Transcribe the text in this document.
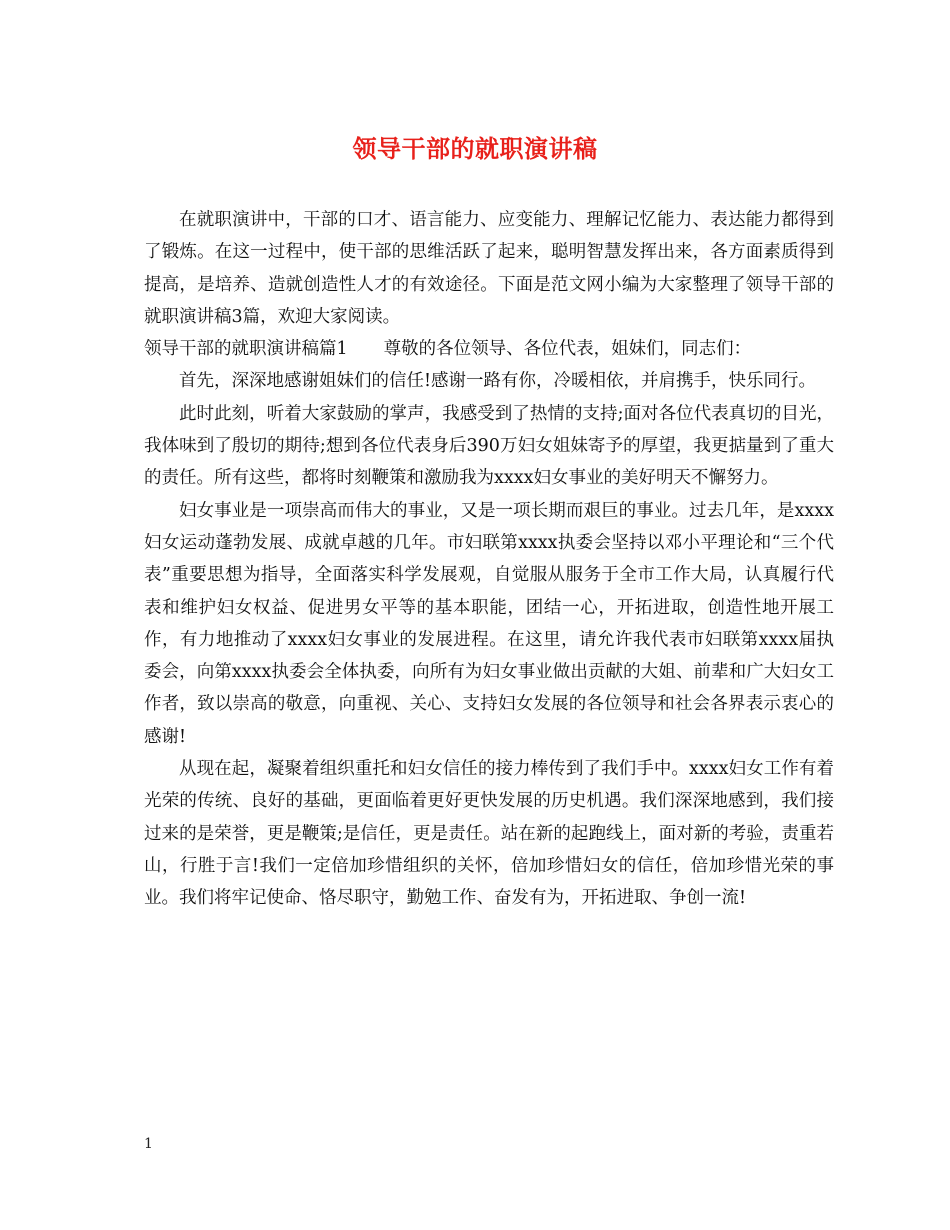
领导干部的就职演讲稿

在就职演讲中，干部的口才、语言能力、应变能力、理解记忆能力、表达能力都得到了锻炼。在这一过程中，使干部的思维活跃了起来，聪明智慧发挥出来，各方面素质得到提高，是培养、造就创造性人才的有效途径。下面是范文网小编为大家整理了领导干部的就职演讲稿3篇，欢迎大家阅读。

领导干部的就职演讲稿篇1 尊敬的各位领导、各位代表，姐妹们，同志们：

首先，深深地感谢姐妹们的信任!感谢一路有你，冷暖相依，并肩携手，快乐同行。

此时此刻，听着大家鼓励的掌声，我感受到了热情的支持;面对各位代表真切的目光，我体味到了殷切的期待;想到各位代表身后390万妇女姐妹寄予的厚望，我更掂量到了重大的责任。所有这些，都将时刻鞭策和激励我为xxxx妇女事业的美好明天不懈努力。

妇女事业是一项崇高而伟大的事业，又是一项长期而艰巨的事业。过去几年，是xxxx妇女运动蓬勃发展、成就卓越的几年。市妇联第xxxx执委会坚持以邓小平理论和“三个代表”重要思想为指导，全面落实科学发展观，自觉服从服务于全市工作大局，认真履行代表和维护妇女权益、促进男女平等的基本职能，团结一心，开拓进取，创造性地开展工作，有力地推动了xxxx妇女事业的发展进程。在这里，请允许我代表市妇联第xxxx届执委会，向第xxxx执委会全体执委，向所有为妇女事业做出贡献的大姐、前辈和广大妇女工作者，致以崇高的敬意，向重视、关心、支持妇女发展的各位领导和社会各界表示衷心的感谢!

从现在起，凝聚着组织重托和妇女信任的接力棒传到了我们手中。xxxx妇女工作有着光荣的传统、良好的基础，更面临着更好更快发展的历史机遇。我们深深地感到，我们接过来的是荣誉，更是鞭策;是信任，更是责任。站在新的起跑线上，面对新的考验，责重若山，行胜于言!我们一定倍加珍惜组织的关怀，倍加珍惜妇女的信任，倍加珍惜光荣的事业。我们将牢记使命、恪尽职守，勤勉工作、奋发有为，开拓进取、争创一流!

1
